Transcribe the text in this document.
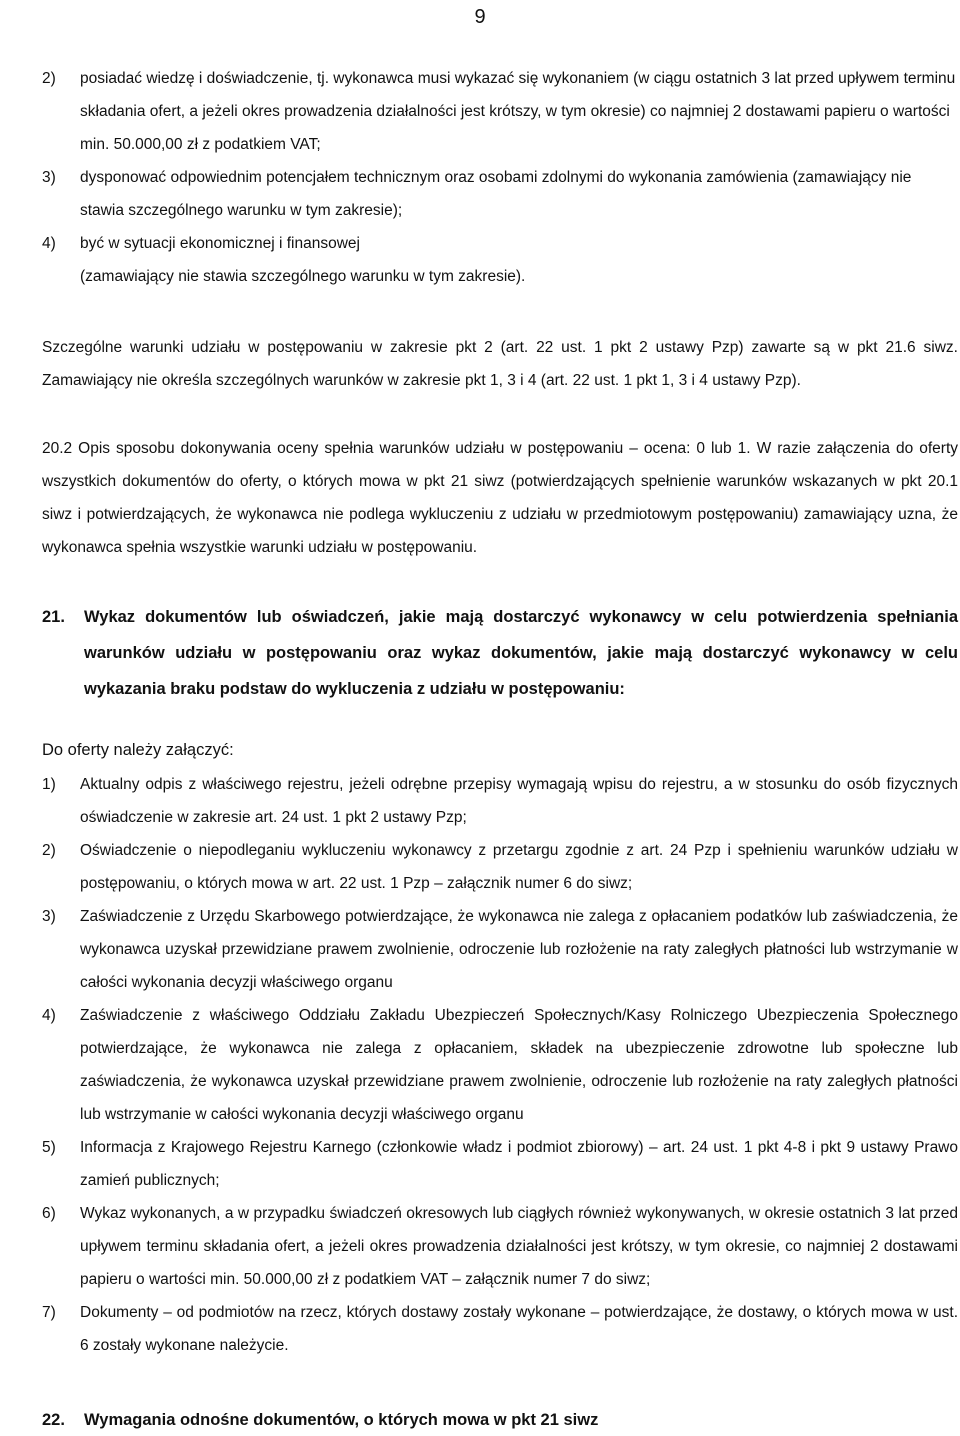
9
2) posiadać wiedzę i doświadczenie, tj. wykonawca musi wykazać się wykonaniem (w ciągu ostatnich 3 lat przed upływem terminu składania ofert, a jeżeli okres prowadzenia działalności jest krótszy, w tym okresie) co najmniej 2 dostawami papieru o wartości min. 50.000,00 zł z podatkiem VAT;
3) dysponować odpowiednim potencjałem technicznym oraz osobami zdolnymi do wykonania zamówienia (zamawiający nie stawia szczególnego warunku w tym zakresie);
4) być w sytuacji ekonomicznej i finansowej
(zamawiający nie stawia szczególnego warunku w tym zakresie).
Szczególne warunki udziału w postępowaniu w zakresie pkt 2 (art. 22 ust. 1 pkt 2 ustawy Pzp) zawarte są w pkt 21.6 siwz. Zamawiający nie określa szczególnych warunków w zakresie pkt 1, 3 i 4 (art. 22 ust. 1 pkt 1, 3 i 4 ustawy Pzp).
20.2 Opis sposobu dokonywania oceny spełnia warunków udziału w postępowaniu – ocena: 0 lub 1. W razie załączenia do oferty wszystkich dokumentów do oferty, o których mowa w pkt 21 siwz (potwierdzających spełnienie warunków wskazanych w pkt 20.1 siwz i potwierdzających, że wykonawca nie podlega wykluczeniu z udziału w przedmiotowym postępowaniu) zamawiający uzna, że wykonawca spełnia wszystkie warunki udziału w postępowaniu.
21. Wykaz dokumentów lub oświadczeń, jakie mają dostarczyć wykonawcy w celu potwierdzenia spełniania warunków udziału w postępowaniu oraz wykaz dokumentów, jakie mają dostarczyć wykonawcy w celu wykazania braku podstaw do wykluczenia z udziału w postępowaniu:
Do oferty należy załączyć:
1) Aktualny odpis z właściwego rejestru, jeżeli odrębne przepisy wymagają wpisu do rejestru, a w stosunku do osób fizycznych oświadczenie w zakresie art. 24 ust. 1 pkt 2 ustawy Pzp;
2) Oświadczenie o niepodleganiu wykluczeniu wykonawcy z przetargu zgodnie z art. 24 Pzp i spełnieniu warunków udziału w postępowaniu, o których mowa w art. 22 ust. 1 Pzp – załącznik numer 6 do siwz;
3) Zaświadczenie z Urzędu Skarbowego potwierdzające, że wykonawca nie zalega z opłacaniem podatków lub zaświadczenia, że wykonawca uzyskał przewidziane prawem zwolnienie, odroczenie lub rozłożenie na raty zaległych płatności lub wstrzymanie w całości wykonania decyzji właściwego organu
4) Zaświadczenie z właściwego Oddziału Zakładu Ubezpieczeń Społecznych/Kasy Rolniczego Ubezpieczenia Społecznego potwierdzające, że wykonawca nie zalega z opłacaniem, składek na ubezpieczenie zdrowotne lub społeczne lub zaświadczenia, że wykonawca uzyskał przewidziane prawem zwolnienie, odroczenie lub rozłożenie na raty zaległych płatności lub wstrzymanie w całości wykonania decyzji właściwego organu
5) Informacja z Krajowego Rejestru Karnego (członkowie władz i podmiot zbiorowy) – art. 24 ust. 1 pkt 4-8 i pkt 9 ustawy Prawo zamień publicznych;
6) Wykaz wykonanych, a w przypadku świadczeń okresowych lub ciągłych również wykonywanych, w okresie ostatnich 3 lat przed upływem terminu składania ofert, a jeżeli okres prowadzenia działalności jest krótszy, w tym okresie, co najmniej 2 dostawami papieru o wartości min. 50.000,00 zł z podatkiem VAT – załącznik numer 7 do siwz;
7) Dokumenty – od podmiotów na rzecz, których dostawy zostały wykonane – potwierdzające, że dostawy, o których mowa w ust. 6 zostały wykonane należycie.
22. Wymagania odnośne dokumentów, o których mowa w pkt 21 siwz
